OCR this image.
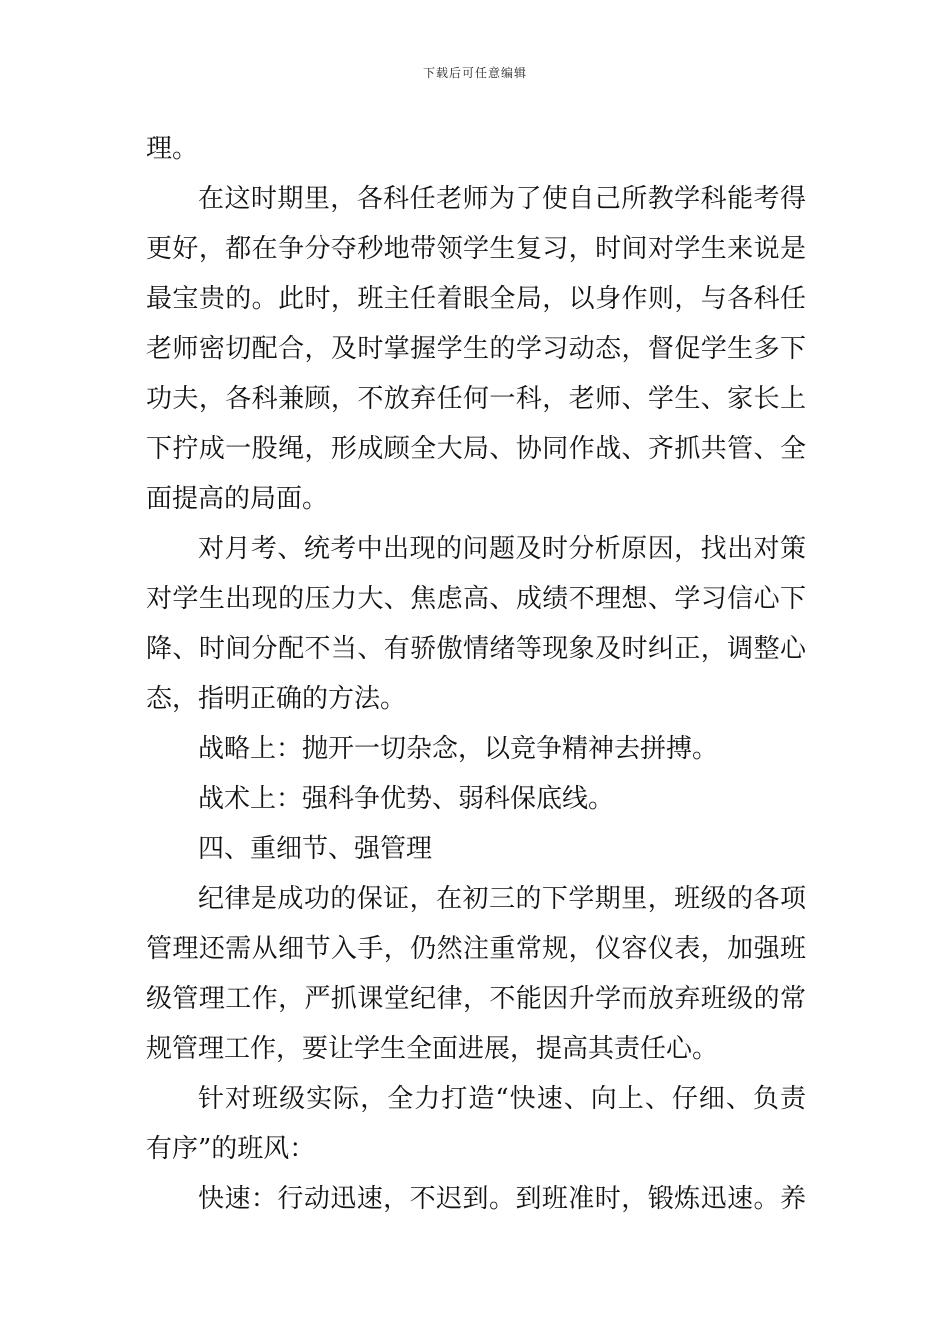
下载后可任意编辑
理。
在这时期里，各科任老师为了使自己所教学科能考得
更好，都在争分夺秒地带领学生复习，时间对学生来说是
最宝贵的。此时，班主任着眼全局，以身作则，与各科任
老师密切配合，及时掌握学生的学习动态，督促学生多下
功夫，各科兼顾，不放弃任何一科，老师、学生、家长上
下拧成一股绳，形成顾全大局、协同作战、齐抓共管、全
面提高的局面。
对月考、统考中出现的问题及时分析原因，找出对策
对学生出现的压力大、焦虑高、成绩不理想、学习信心下
降、时间分配不当、有骄傲情绪等现象及时纠正，调整心
态，指明正确的方法。
战略上：抛开一切杂念，以竞争精神去拼搏。
战术上：强科争优势、弱科保底线。
四、重细节、强管理
纪律是成功的保证，在初三的下学期里，班级的各项
管理还需从细节入手，仍然注重常规，仪容仪表，加强班
级管理工作，严抓课堂纪律，不能因升学而放弃班级的常
规管理工作，要让学生全面进展，提高其责任心。
针对班级实际，全力打造“快速、向上、仔细、负责
有序”的班风：
快速：行动迅速，不迟到。到班准时，锻炼迅速。养
